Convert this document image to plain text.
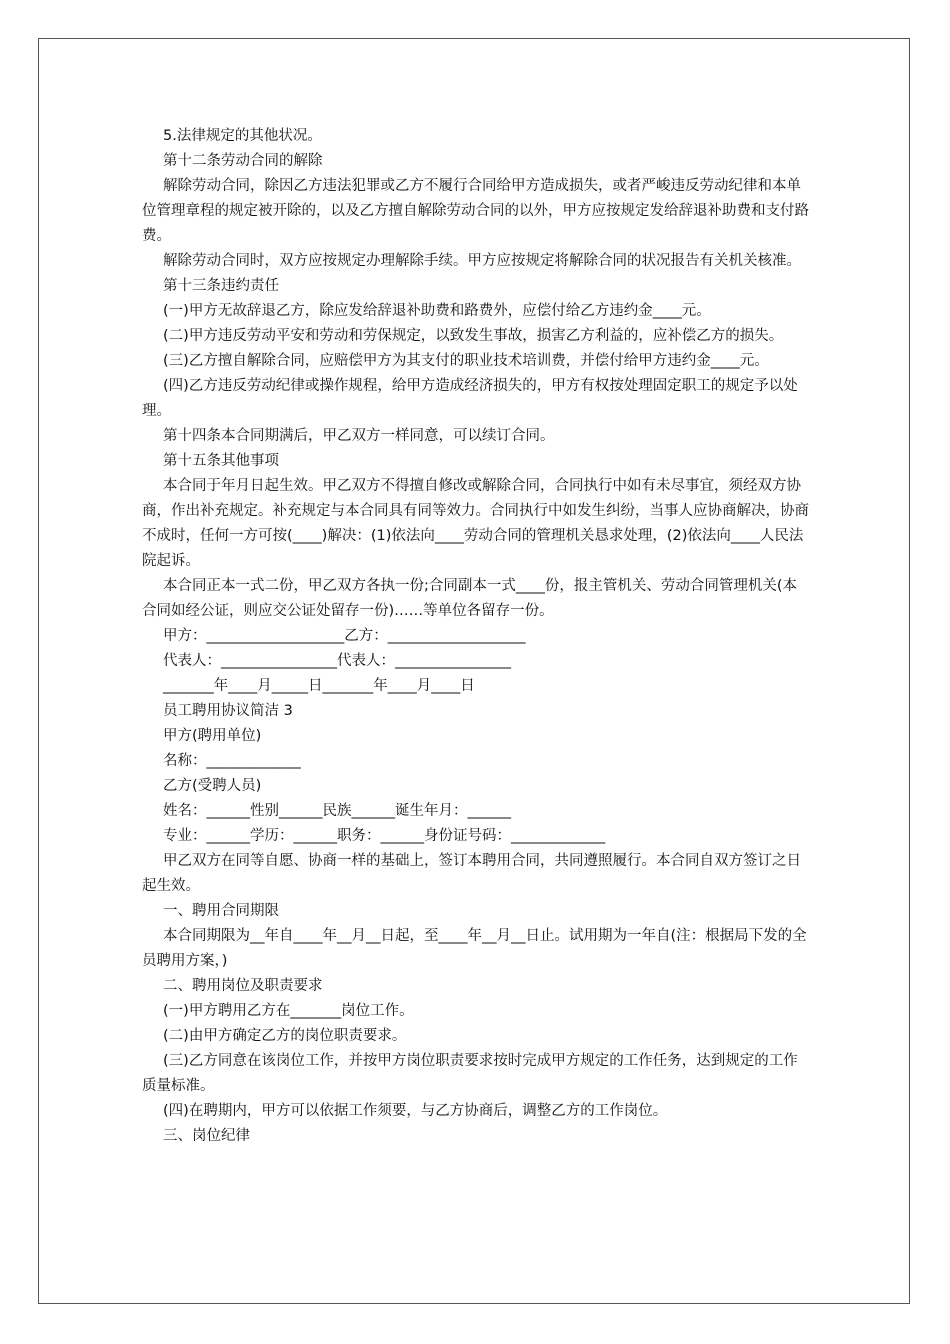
5.法律规定的其他状况。

第十二条劳动合同的解除

解除劳动合同，除因乙方违法犯罪或乙方不履行合同给甲方造成损失，或者严峻违反劳动纪律和本单位管理章程的规定被开除的，以及乙方擅自解除劳动合同的以外，甲方应按规定发给辞退补助费和支付路费。

解除劳动合同时，双方应按规定办理解除手续。甲方应按规定将解除合同的状况报告有关机关核准。

第十三条违约责任

(一)甲方无故辞退乙方，除应发给辞退补助费和路费外，应偿付给乙方违约金____元。

(二)甲方违反劳动平安和劳动和劳保规定，以致发生事故，损害乙方利益的，应补偿乙方的损失。

(三)乙方擅自解除合同，应赔偿甲方为其支付的职业技术培训费，并偿付给甲方违约金____元。

(四)乙方违反劳动纪律或操作规程，给甲方造成经济损失的，甲方有权按处理固定职工的规定予以处理。

第十四条本合同期满后，甲乙双方一样同意，可以续订合同。

第十五条其他事项

本合同于年月日起生效。甲乙双方不得擅自修改或解除合同，合同执行中如有未尽事宜，须经双方协商，作出补充规定。补充规定与本合同具有同等效力。合同执行中如发生纠纷，当事人应协商解决，协商不成时，任何一方可按(____)解决：(1)依法向____劳动合同的管理机关恳求处理，(2)依法向____人民法院起诉。

本合同正本一式二份，甲乙双方各执一份;合同副本一式____份，报主管机关、劳动合同管理机关(本合同如经公证，则应交公证处留存一份)……等单位各留存一份。

甲方：___________________乙方：___________________

代表人：________________代表人：________________

_______年____月_____日_______年____月____日

员工聘用协议简洁 3

甲方(聘用单位)

名称：_____________

乙方(受聘人员)

姓名：______性别______民族______诞生年月：______

专业：______学历：______职务：______身份证号码：_____________

甲乙双方在同等自愿、协商一样的基础上，签订本聘用合同，共同遵照履行。本合同自双方签订之日起生效。

一、聘用合同期限

本合同期限为__年自____年__月__日起，至____年__月__日止。试用期为一年自(注：根据局下发的全员聘用方案，)

二、聘用岗位及职责要求

(一)甲方聘用乙方在_______岗位工作。

(二)由甲方确定乙方的岗位职责要求。

(三)乙方同意在该岗位工作，并按甲方岗位职责要求按时完成甲方规定的工作任务，达到规定的工作质量标准。

(四)在聘期内，甲方可以依据工作须要，与乙方协商后，调整乙方的工作岗位。

三、岗位纪律
